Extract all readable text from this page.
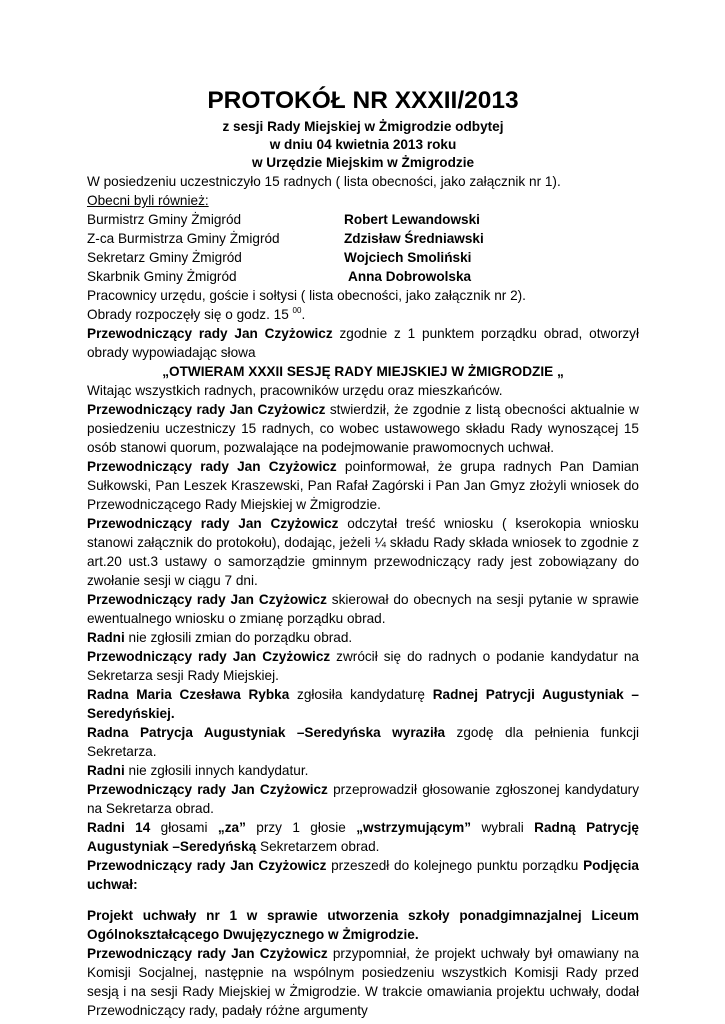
PROTOKÓŁ NR XXXII/2013

z sesji Rady Miejskiej w Żmigrodzie odbytej

w dniu 04 kwietnia 2013 roku

w Urzędzie Miejskim w Żmigrodzie

W posiedzeniu uczestniczyło 15 radnych ( lista obecności, jako załącznik nr 1).

Obecni byli również:

Burmistrz Gminy Żmigród	Robert Lewandowski
Z-ca Burmistrza Gminy Żmigród	Zdzisław Średniawski
Sekretarz Gminy Żmigród	Wojciech Smoliński
Skarbnik Gminy Żmigród	Anna Dobrowolska

Pracownicy urzędu, goście i sołtysi ( lista obecności, jako załącznik nr 2).

Obrady rozpoczęły się o godz. 15 $^{00}$.

Przewodniczący rady Jan Czyżowicz zgodnie z 1 punktem porządku obrad, otworzył obrady wypowiadając słowa

„OTWIERAM XXXII SESJĘ RADY MIEJSKIEJ W ŻMIGRODZIE „

Witając wszystkich radnych, pracowników urzędu oraz mieszkańców.

Przewodniczący rady Jan Czyżowicz stwierdził, że zgodnie z listą obecności aktualnie w posiedzeniu uczestniczy 15 radnych, co wobec ustawowego składu Rady wynoszącej 15 osób stanowi quorum, pozwalające na podejmowanie prawomocnych uchwał.

Przewodniczący rady Jan Czyżowicz poinformował, że grupa radnych Pan Damian Sułkowski, Pan Leszek Kraszewski, Pan Rafał Zagórski i Pan Jan Gmyz złożyli wniosek do Przewodniczącego Rady Miejskiej w Żmigrodzie.

Przewodniczący rady Jan Czyżowicz odczytał treść wniosku ( kserokopia wniosku stanowi załącznik do protokołu), dodając, jeżeli ¼ składu Rady składa wniosek to zgodnie z art.20 ust.3 ustawy o samorządzie gminnym przewodniczący rady jest zobowiązany do zwołanie sesji w ciągu 7 dni.

Przewodniczący rady Jan Czyżowicz skierował do obecnych na sesji pytanie w sprawie ewentualnego wniosku o zmianę porządku obrad.

Radni nie zgłosili zmian do porządku obrad.

Przewodniczący rady Jan Czyżowicz zwrócił się do radnych o podanie kandydatur na Sekretarza sesji Rady Miejskiej.

Radna Maria Czesława Rybka zgłosiła kandydaturę Radnej Patrycji Augustyniak –Seredyńskiej.

Radna Patrycja Augustyniak –Seredyńska wyraziła zgodę dla pełnienia funkcji Sekretarza.

Radni nie zgłosili innych kandydatur.

Przewodniczący rady Jan Czyżowicz przeprowadził głosowanie zgłoszonej kandydatury na Sekretarza obrad.

Radni 14 głosami „za” przy 1 głosie „wstrzymującym” wybrali Radną Patrycję Augustyniak –Seredyńską Sekretarzem obrad.

Przewodniczący rady Jan Czyżowicz przeszedł do kolejnego punktu porządku Podjęcia uchwał:

Projekt uchwały nr 1 w sprawie utworzenia szkoły ponadgimnazjalnej Liceum Ogólnokształcącego Dwujęzycznego w Żmigrodzie.

Przewodniczący rady Jan Czyżowicz przypomniał, że projekt uchwały był omawiany na Komisji Socjalnej, następnie na wspólnym posiedzeniu wszystkich Komisji Rady przed sesją i na sesji Rady Miejskiej w Żmigrodzie. W trakcie omawiania projektu uchwały, dodał Przewodniczący rady, padały różne argumenty
